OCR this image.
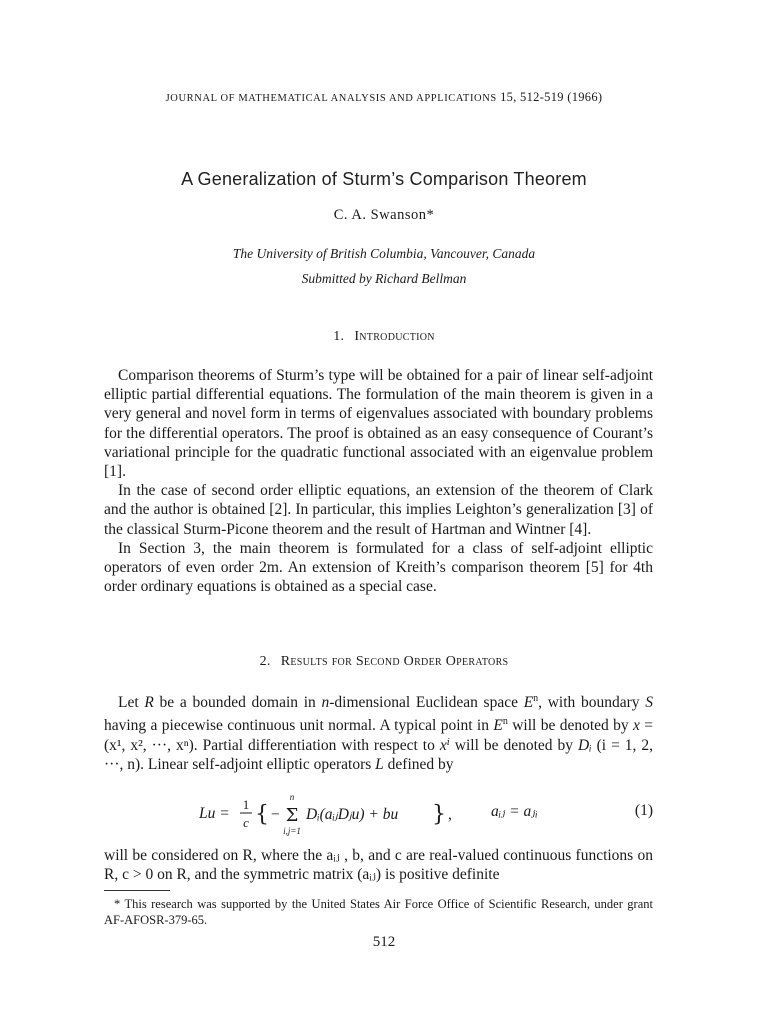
JOURNAL OF MATHEMATICAL ANALYSIS AND APPLICATIONS 15, 512-519 (1966)
A Generalization of Sturm’s Comparison Theorem
C. A. Swanson*
The University of British Columbia, Vancouver, Canada
Submitted by Richard Bellman
1. Introduction

Comparison theorems of Sturm’s type will be obtained for a pair of linear self-adjoint elliptic partial differential equations. The formulation of the main theorem is given in a very general and novel form in terms of eigenvalues associated with boundary problems for the differential operators. The proof is obtained as an easy consequence of Courant’s variational principle for the quadratic functional associated with an eigenvalue problem [1].

In the case of second order elliptic equations, an extension of the theorem of Clark and the author is obtained [2]. In particular, this implies Leighton’s generalization [3] of the classical Sturm-Picone theorem and the result of Hartman and Wintner [4].

In Section 3, the main theorem is formulated for a class of self-adjoint elliptic operators of even order 2m. An extension of Kreith’s comparison theorem [5] for 4th order ordinary equations is obtained as a special case.

2. Results for Second Order Operators

Let R be a bounded domain in n-dimensional Euclidean space $E^n$, with boundary S having a piecewise continuous unit normal. A typical point in $E^n$ will be denoted by x = (x¹, x², ···, xⁿ). Partial differentiation with respect to xⁱ will be denoted by Dᵢ (i = 1, 2, ···, n). Linear self-adjoint elliptic operators L defined by

Lu =
1
c { −
n
Σ
i,j=1
Dᵢ(aᵢⱼDⱼu) + bu } ,	aᵢⱼ = aⱼᵢ	(1)

will be considered on R, where the aᵢⱼ , b, and c are real-valued continuous functions on R, c > 0 on R, and the symmetric matrix (aᵢⱼ) is positive definite

* This research was supported by the United States Air Force Office of Scientific Research, under grant AF-AFOSR-379-65.
512
